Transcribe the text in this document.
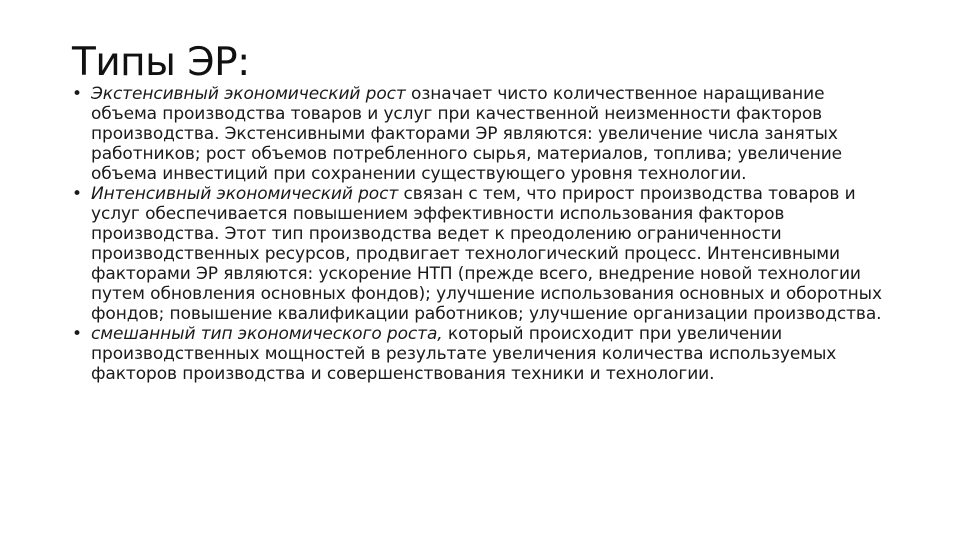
Типы ЭР:
• Экстенсивный экономический рост означает чисто количественное наращивание объема производства товаров и услуг при качественной неизменности факторов производства. Экстенсивными факторами ЭР являются: увеличение числа занятых работников; рост объемов потребленного сырья, материалов, топлива; увеличение объема инвестиций при сохранении существующего уровня технологии.
• Интенсивный экономический рост связан с тем, что прирост производства товаров и услуг обеспечивается повышением эффективности использования факторов производства. Этот тип производства ведет к преодолению ограниченности производственных ресурсов, продвигает технологический процесс. Интенсивными факторами ЭР являются: ускорение НТП (прежде всего, внедрение новой технологии путем обновления основных фондов); улучшение использования основных и оборотных фондов; повышение квалификации работников; улучшение организации производства.
• смешанный тип экономического роста, который происходит при увеличении производственных мощностей в результате увеличения количества используемых факторов производства и совершенствования техники и технологии.
